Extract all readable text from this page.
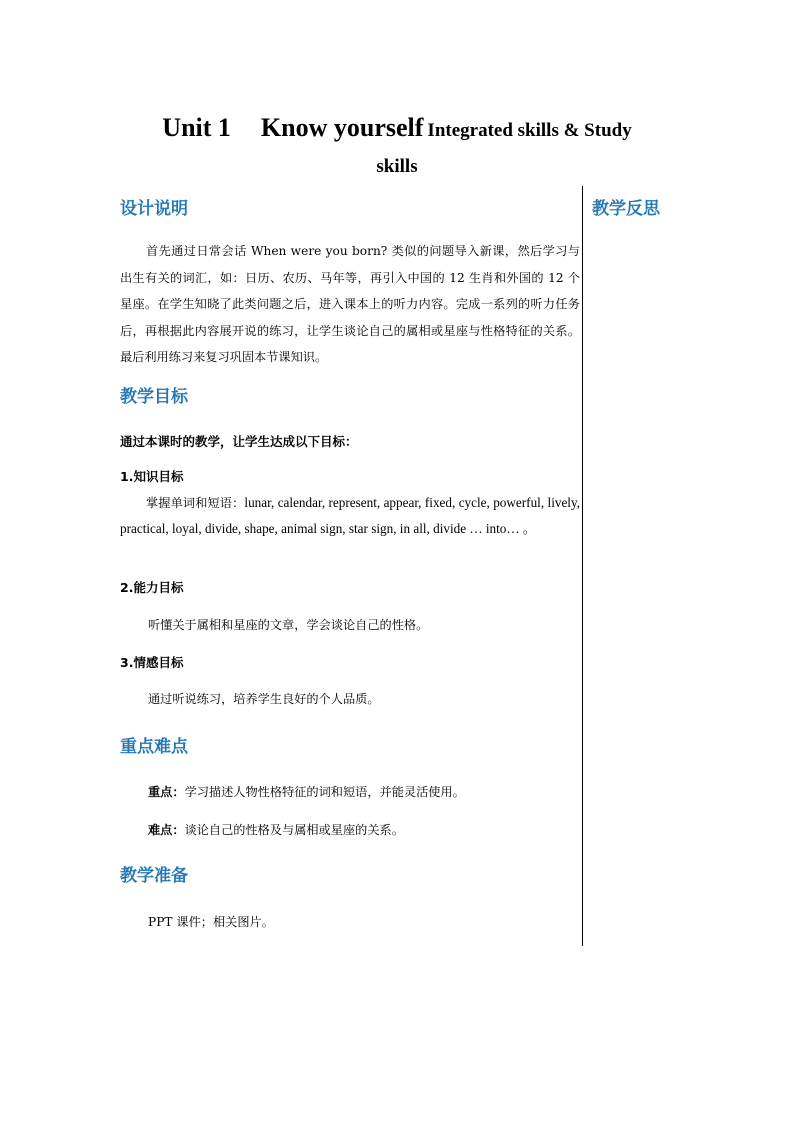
Unit 1 Know yourself Integrated skills & Study
skills
教学反思
设计说明
首先通过日常会话 When were you born? 类似的问题导入新课，然后学习与出生有关的词汇，如：日历、农历、马年等，再引入中国的 12 生肖和外国的 12 个星座。在学生知晓了此类问题之后，进入课本上的听力内容。完成一系列的听力任务后，再根据此内容展开说的练习，让学生谈论自己的属相或星座与性格特征的关系。最后利用练习来复习巩固本节课知识。
教学目标
通过本课时的教学，让学生达成以下目标：
1.知识目标
掌握单词和短语：lunar, calendar, represent, appear, fixed, cycle, powerful, lively, practical, loyal, divide, shape, animal sign, star sign, in all, divide … into… 。
2.能力目标
听懂关于属相和星座的文章，学会谈论自己的性格。
3.情感目标
通过听说练习，培养学生良好的个人品质。
重点难点
重点：学习描述人物性格特征的词和短语，并能灵活使用。
难点：谈论自己的性格及与属相或星座的关系。
教学准备
PPT 课件；相关图片。
